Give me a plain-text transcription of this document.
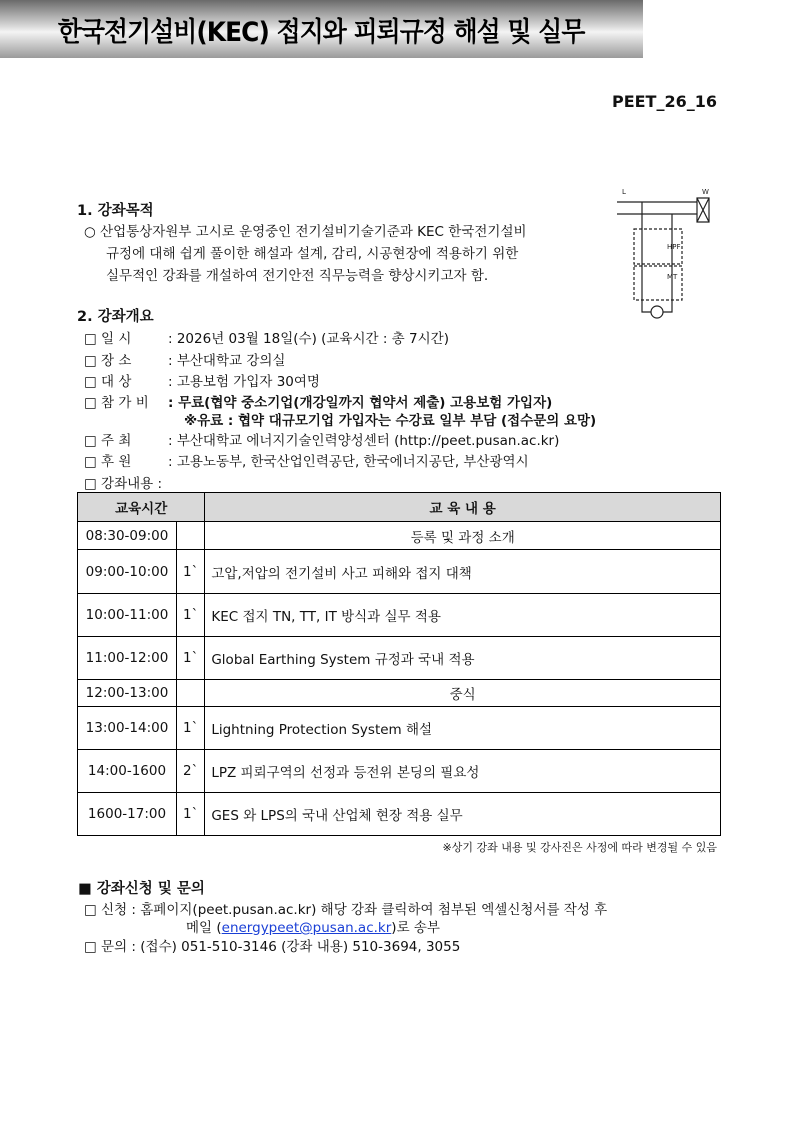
PEET_26_16
한국전기설비(KEC) 접지와 피뢰규정 해설 및 실무
L	W
HPF
MT
1. 강좌목적
○ 산업통상자원부 고시로 운영중인 전기설비기술기준과 KEC 한국전기설비
규정에 대해 쉽게 풀이한 해설과 설계, 감리, 시공현장에 적용하기 위한
실무적인 강좌를 개설하여 전기안전 직무능력을 향상시키고자 함.
2. 강좌개요
□ 일 시	: 2026년 03월 18일(수) (교육시간 : 총 7시간)
□ 장 소	: 부산대학교 강의실
□ 대 상	: 고용보험 가입자 30여명
□ 참 가 비 : 무료(협약 중소기업(개강일까지 협약서 제출) 고용보험 가입자)
※유료 : 협약 대규모기업 가입자는 수강료 일부 부담 (접수문의 요망)
□ 주 최	: 부산대학교 에너지기술인력양성센터 (http://peet.pusan.ac.kr)
□ 후 원	: 고용노동부, 한국산업인력공단, 한국에너지공단, 부산광역시
□ 강좌내용 :
교육시간		교 육 내 용
08:30-09:00		등록 및 과정 소개
09:00-10:00	1`	고압,저압의 전기설비 사고 피해와 접지 대책
10:00-11:00	1`	KEC 접지 TN, TT, IT 방식과 실무 적용
11:00-12:00	1`	Global Earthing System 규정과 국내 적용
12:00-13:00		중식
13:00-14:00	1`	Lightning Protection System 해설
14:00-1600	2`	LPZ 피뢰구역의 선정과 등전위 본딩의 필요성
1600-17:00	1`	GES 와 LPS의 국내 산업체 현장 적용 실무
※상기 강좌 내용 및 강사진은 사정에 따라 변경될 수 있음
■ 강좌신청 및 문의
□ 신청 : 홈페이지(peet.pusan.ac.kr) 해당 강좌 클릭하여 첨부된 엑셀신청서를 작성 후
메일 (energypeet@pusan.ac.kr)로 송부
□ 문의 : (접수) 051-510-3146 (강좌 내용) 510-3694, 3055
